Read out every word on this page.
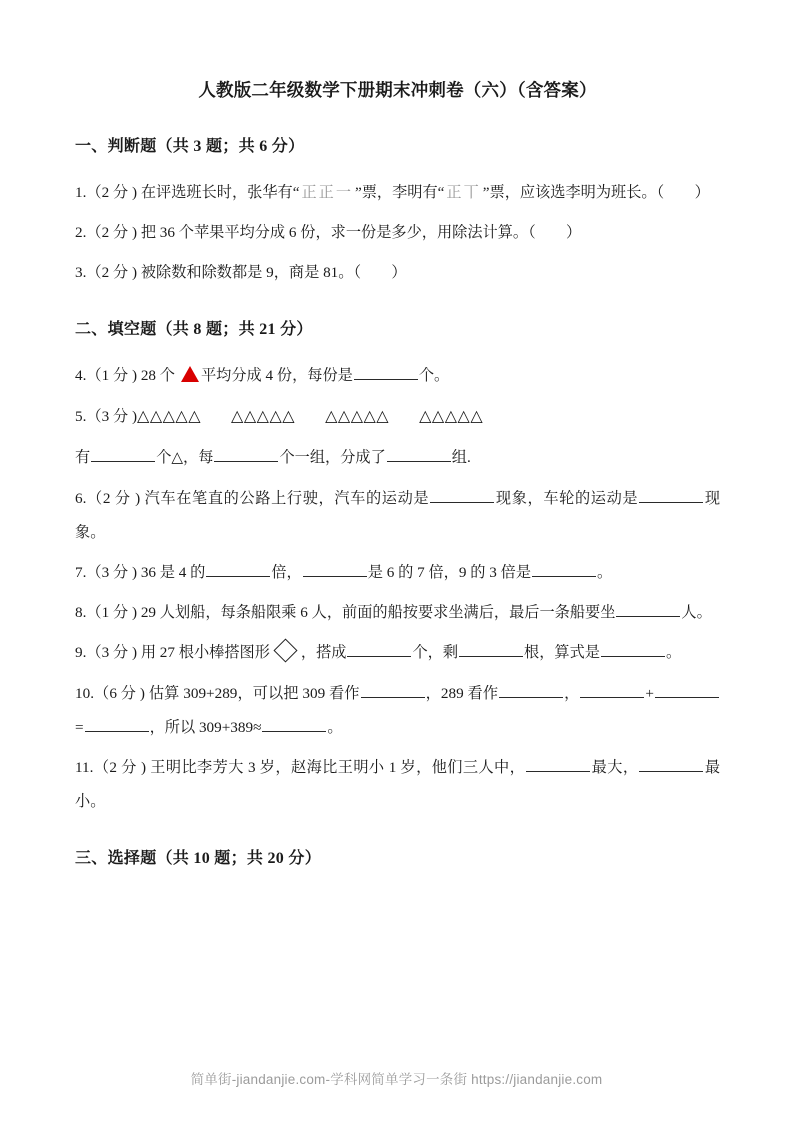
人教版二年级数学下册期末冲刺卷（六）（含答案）
一、判断题（共 3 题；共 6 分）

1.（2 分 ) 在评选班长时，张华有“ 正正一 ”票，李明有“ 正丅 ”票，应该选李明为班长。（　　）

2.（2 分 ) 把 36 个苹果平均分成 6 份，求一份是多少，用除法计算。（　　）

3.（2 分 ) 被除数和除数都是 9，商是 81。（　　）

二、填空题（共 8 题；共 21 分）

4.（1 分 ) 28 个 平均分成 4 份，每份是	个。

5.（3 分 )△△△△△ △△△△△ △△△△△ △△△△△

有	个△，每	个一组，分成了	组.

6.（2 分 ) 汽车在笔直的公路上行驶，汽车的运动是	现象，车轮的运动是	现象。

7.（3 分 ) 36 是 4 的	倍，	是 6 的 7 倍，9 的 3 倍是	。

8.（1 分 ) 29 人划船，每条船限乘 6 人，前面的船按要求坐满后，最后一条船要坐	人。

9.（3 分 ) 用 27 根小棒搭图形 ，搭成	个，剩	根，算式是	。

10.（6 分 ) 估算 309+289，可以把 309 看作	，289 看作	，	+=	，所以 309+389≈	。

11.（2 分 ) 王明比李芳大 3 岁，赵海比王明小 1 岁，他们三人中，	最大，	最小。

三、选择题（共 10 题；共 20 分）
简单街-jiandanjie.com-学科网简单学习一条街 https://jiandanjie.com
